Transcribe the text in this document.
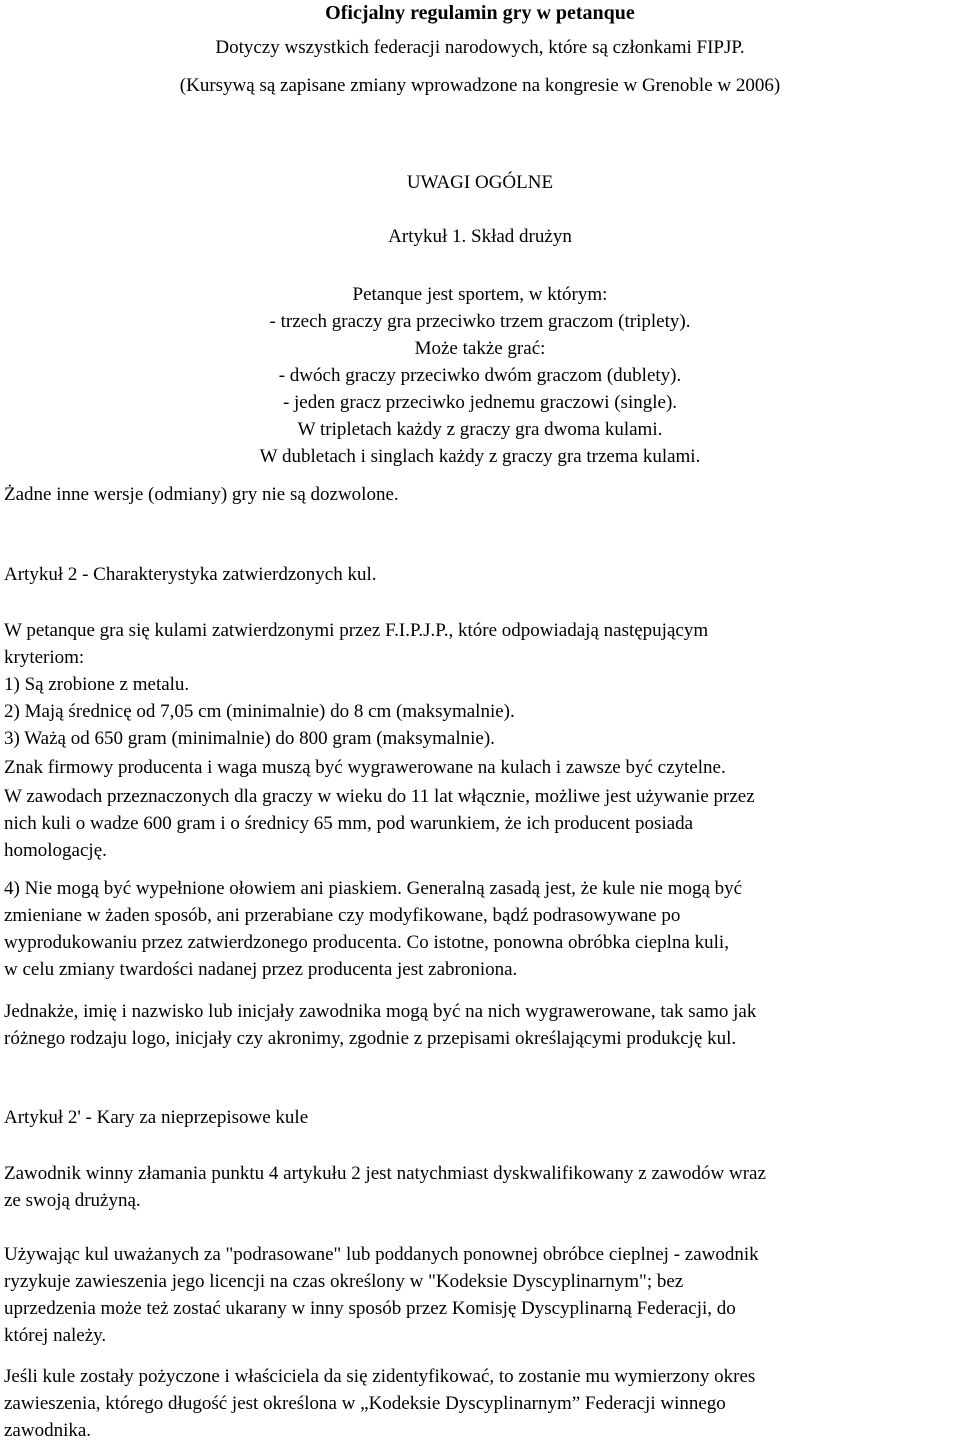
Oficjalny regulamin gry w petanque

Dotyczy wszystkich federacji narodowych, które są członkami FIPJP.

(Kursywą są zapisane zmiany wprowadzone na kongresie w Grenoble w 2006)

UWAGI OGÓLNE

Artykuł 1. Skład drużyn

Petanque jest sportem, w którym:

- trzech graczy gra przeciwko trzem graczom (triplety).

Może także grać:

- dwóch graczy przeciwko dwóm graczom (dublety).

- jeden gracz przeciwko jednemu graczowi (single).

W tripletach każdy z graczy gra dwoma kulami.

W dubletach i singlach każdy z graczy gra trzema kulami.

Żadne inne wersje (odmiany) gry nie są dozwolone.

Artykuł 2 - Charakterystyka zatwierdzonych kul.

W petanque gra się kulami zatwierdzonymi przez F.I.P.J.P., które odpowiadają następującym

kryteriom:

1) Są zrobione z metalu.

2) Mają średnicę od 7,05 cm (minimalnie) do 8 cm (maksymalnie).

3) Ważą od 650 gram (minimalnie) do 800 gram (maksymalnie).

Znak firmowy producenta i waga muszą być wygrawerowane na kulach i zawsze być czytelne.

W zawodach przeznaczonych dla graczy w wieku do 11 lat włącznie, możliwe jest używanie przez

nich kuli o wadze 600 gram i o średnicy 65 mm, pod warunkiem, że ich producent posiada

homologację.

4) Nie mogą być wypełnione ołowiem ani piaskiem. Generalną zasadą jest, że kule nie mogą być

zmieniane w żaden sposób, ani przerabiane czy modyfikowane, bądź podrasowywane po

wyprodukowaniu przez zatwierdzonego producenta. Co istotne, ponowna obróbka cieplna kuli,

w celu zmiany twardości nadanej przez producenta jest zabroniona.

Jednakże, imię i nazwisko lub inicjały zawodnika mogą być na nich wygrawerowane, tak samo jak

różnego rodzaju logo, inicjały czy akronimy, zgodnie z przepisami określającymi produkcję kul.

Artykuł 2' - Kary za nieprzepisowe kule

Zawodnik winny złamania punktu 4 artykułu 2 jest natychmiast dyskwalifikowany z zawodów wraz

ze swoją drużyną.

Używając kul uważanych za "podrasowane" lub poddanych ponownej obróbce cieplnej - zawodnik

ryzykuje zawieszenia jego licencji na czas określony w "Kodeksie Dyscyplinarnym"; bez

uprzedzenia może też zostać ukarany w inny sposób przez Komisję Dyscyplinarną Federacji, do

której należy.

Jeśli kule zostały pożyczone i właściciela da się zidentyfikować, to zostanie mu wymierzony okres

zawieszenia, którego długość jest określona w „Kodeksie Dyscyplinarnym” Federacji winnego

zawodnika.
